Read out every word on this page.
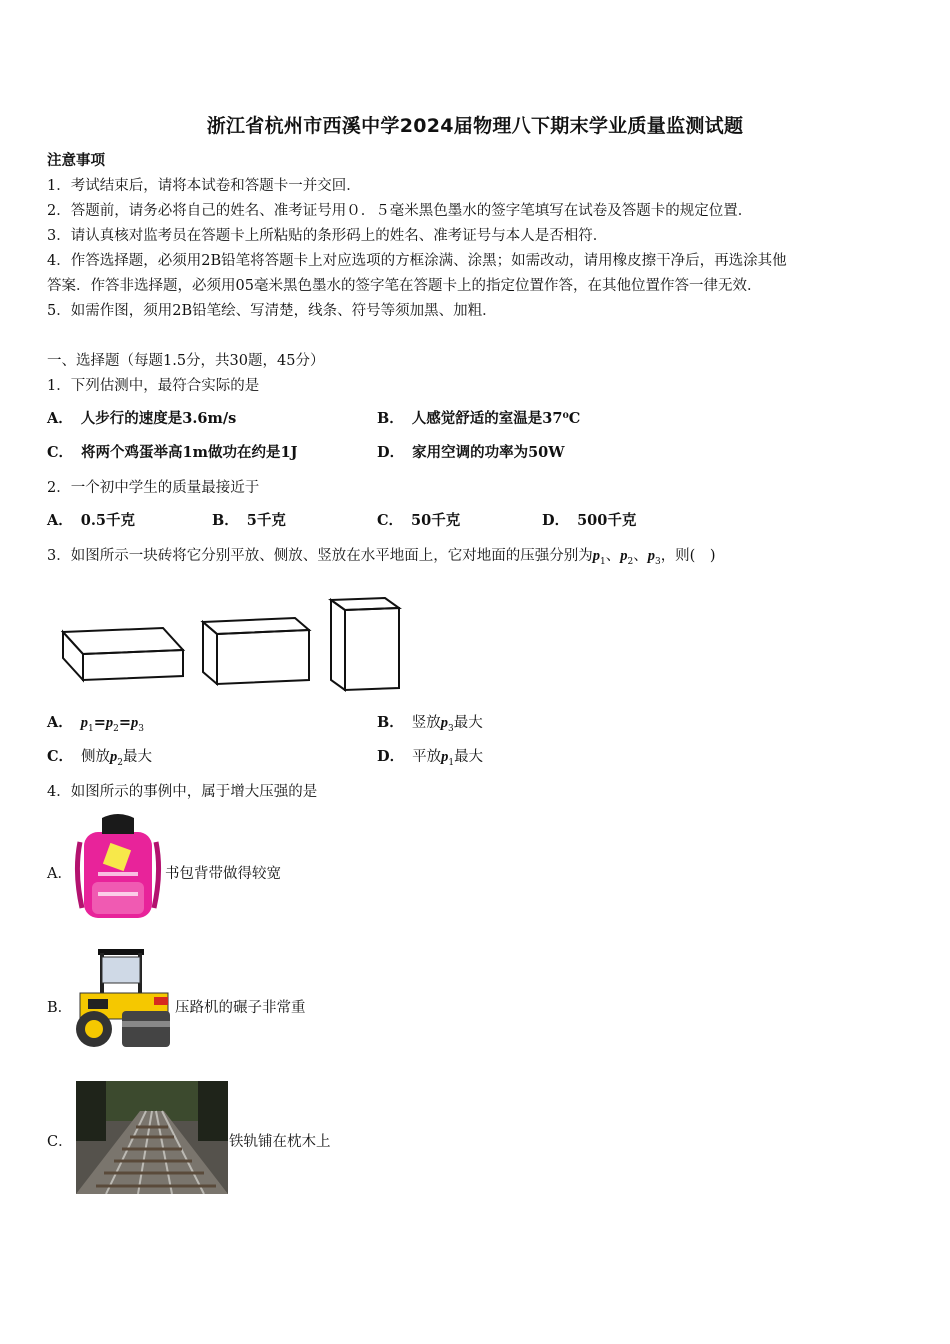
浙江省杭州市西溪中学2024届物理八下期末学业质量监测试题
注意事项
1．考试结束后，请将本试卷和答题卡一并交回．
2．答题前，请务必将自己的姓名、准考证号用０．５毫米黑色墨水的签字笔填写在试卷及答题卡的规定位置．
3．请认真核对监考员在答题卡上所粘贴的条形码上的姓名、准考证号与本人是否相符．
4．作答选择题，必须用2B铅笔将答题卡上对应选项的方框涂满、涂黑；如需改动，请用橡皮擦干净后，再选涂其他
答案．作答非选择题，必须用05毫米黑色墨水的签字笔在答题卡上的指定位置作答，在其他位置作答一律无效．
5．如需作图，须用2B铅笔绘、写清楚，线条、符号等须加黑、加粗．
一、选择题（每题1.5分，共30题，45分）
1．下列估测中，最符合实际的是
A． 人步行的速度是3.6m/s	B． 人感觉舒适的室温是37⁰C
C． 将两个鸡蛋举高1m做功在约是1J	D． 家用空调的功率为50W
2．一个初中学生的质量最接近于
A． 0.5千克	B． 5千克	C． 50千克	D． 500千克
3．如图所示一块砖将它分别平放、侧放、竖放在水平地面上，它对地面的压强分别为$p_1$、$p_2$、$p_3$，则(　)
A． $p_1=p_2=p_3$	B． 竖放$p_3$最大
C． 侧放$p_2$最大	D． 平放$p_1$最大
4．如图所示的事例中，属于增大压强的是
A．	书包背带做得较宽
B．	压路机的碾子非常重
C．	铁轨铺在枕木上
